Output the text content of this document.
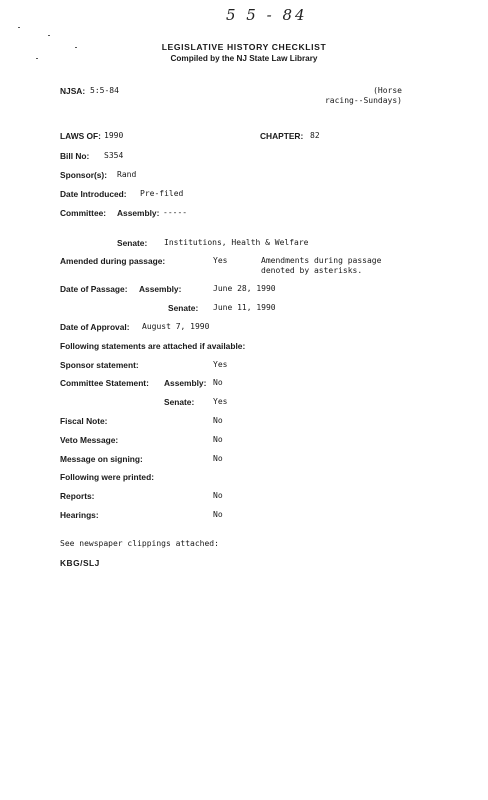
5 5 - 84
LEGISLATIVE HISTORY CHECKLIST
Compiled by the NJ State Law Library
NJSA: 5:5-84	(Horse
racing--Sundays)
LAWS OF: 1990	CHAPTER: 82
Bill No: S354
Sponsor(s): Rand
Date Introduced: Pre-filed
Committee: Assembly: -----
Senate: Institutions, Health & Welfare
Amended during passage:	Yes	Amendments during passage
denoted by asterisks.
Date of Passage: Assembly:	June 28, 1990
Senate: June 11, 1990
Date of Approval: August 7, 1990
Following statements are attached if available:
Sponsor statement:	Yes
Committee Statement: Assembly: No
Senate: Yes
Fiscal Note:	No
Veto Message:	No
Message on signing:	No
Following were printed:
Reports:	No
Hearings:	No
See newspaper clippings attached:
KBG/SLJ
